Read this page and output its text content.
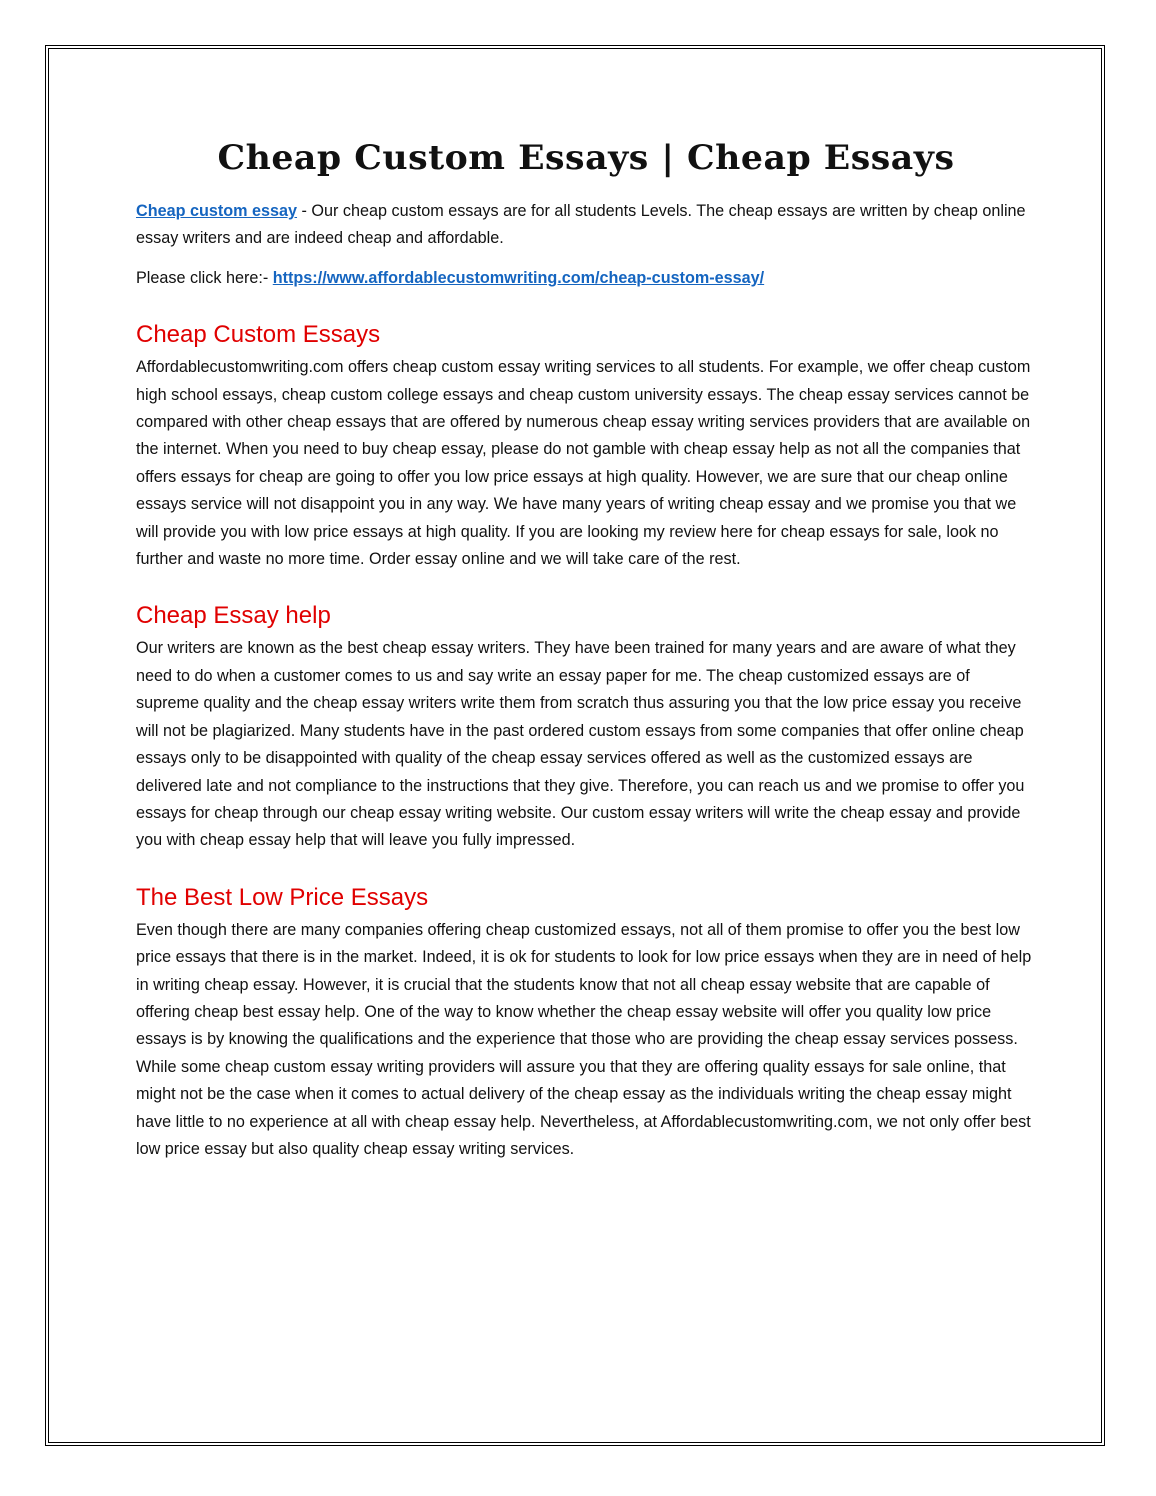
Cheap Custom Essays | Cheap Essays

Cheap custom essay - Our cheap custom essays are for all students Levels. The cheap essays are written by cheap online essay writers and are indeed cheap and affordable.

Please click here:- https://www.affordablecustomwriting.com/cheap-custom-essay/

Cheap Custom Essays

Affordablecustomwriting.com offers cheap custom essay writing services to all students. For example, we offer cheap custom high school essays, cheap custom college essays and cheap custom university essays. The cheap essay services cannot be compared with other cheap essays that are offered by numerous cheap essay writing services providers that are available on the internet. When you need to buy cheap essay, please do not gamble with cheap essay help as not all the companies that offers essays for cheap are going to offer you low price essays at high quality. However, we are sure that our cheap online essays service will not disappoint you in any way. We have many years of writing cheap essay and we promise you that we will provide you with low price essays at high quality. If you are looking my review here for cheap essays for sale, look no further and waste no more time. Order essay online and we will take care of the rest.

Cheap Essay help

Our writers are known as the best cheap essay writers. They have been trained for many years and are aware of what they need to do when a customer comes to us and say write an essay paper for me. The cheap customized essays are of supreme quality and the cheap essay writers write them from scratch thus assuring you that the low price essay you receive will not be plagiarized. Many students have in the past ordered custom essays from some companies that offer online cheap essays only to be disappointed with quality of the cheap essay services offered as well as the customized essays are delivered late and not compliance to the instructions that they give. Therefore, you can reach us and we promise to offer you essays for cheap through our cheap essay writing website. Our custom essay writers will write the cheap essay and provide you with cheap essay help that will leave you fully impressed.

The Best Low Price Essays

Even though there are many companies offering cheap customized essays, not all of them promise to offer you the best low price essays that there is in the market. Indeed, it is ok for students to look for low price essays when they are in need of help in writing cheap essay. However, it is crucial that the students know that not all cheap essay website that are capable of offering cheap best essay help. One of the way to know whether the cheap essay website will offer you quality low price essays is by knowing the qualifications and the experience that those who are providing the cheap essay services possess. While some cheap custom essay writing providers will assure you that they are offering quality essays for sale online, that might not be the case when it comes to actual delivery of the cheap essay as the individuals writing the cheap essay might have little to no experience at all with cheap essay help. Nevertheless, at Affordablecustomwriting.com, we not only offer best low price essay but also quality cheap essay writing services.
